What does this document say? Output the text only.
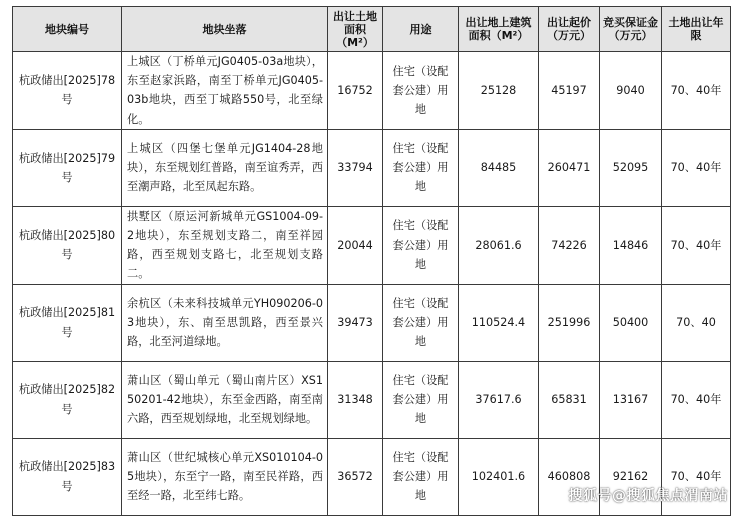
地块编号	地块坐落	出让土地面积（M²）	用途	出让地上建筑面积（M²）	出让起价（万元）	竞买保证金（万元）	土地出让年限
杭政储出[2025]78号	上城区（丁桥单元JG0405-03a地块），东至赵家浜路，南至丁桥单元JG0405-03b地块，西至丁城路550号，北至绿化。	16752	住宅（设配套公建）用地	25128	45197	9040	70、40年
杭政储出[2025]79号	上城区（四堡七堡单元JG1404-28地块），东至规划红普路，南至谊秀弄，西至潮声路，北至凤起东路。	33794	住宅（设配套公建）用地	84485	260471	52095	70、40年
杭政储出[2025]80号	拱墅区（原运河新城单元GS1004-09-2地块），东至规划支路二，南至祥园路，西至规划支路七，北至规划支路二。	20044	住宅（设配套公建）用地	28061.6	74226	14846	70、40年
杭政储出[2025]81号	余杭区（未来科技城单元YH090206-03地块），东、南至思凯路，西至景兴路，北至河道绿地。	39473	住宅（设配套公建）用地	110524.4	251996	50400	70、40
杭政储出[2025]82号	萧山区（蜀山单元（蜀山南片区）XS150201-42地块），东至金西路，南至南六路，西至规划绿地，北至规划绿地。	31348	住宅（设配套公建）用地	37617.6	65831	13167	70、40年
杭政储出[2025]83号	萧山区（世纪城核心单元XS010104-05地块），东至宁一路，南至民祥路，西至经一路，北至纬七路。	36572	住宅（设配套公建）用地	102401.6	460808	92162	70、40年
搜狐号@搜狐焦点渭南站
